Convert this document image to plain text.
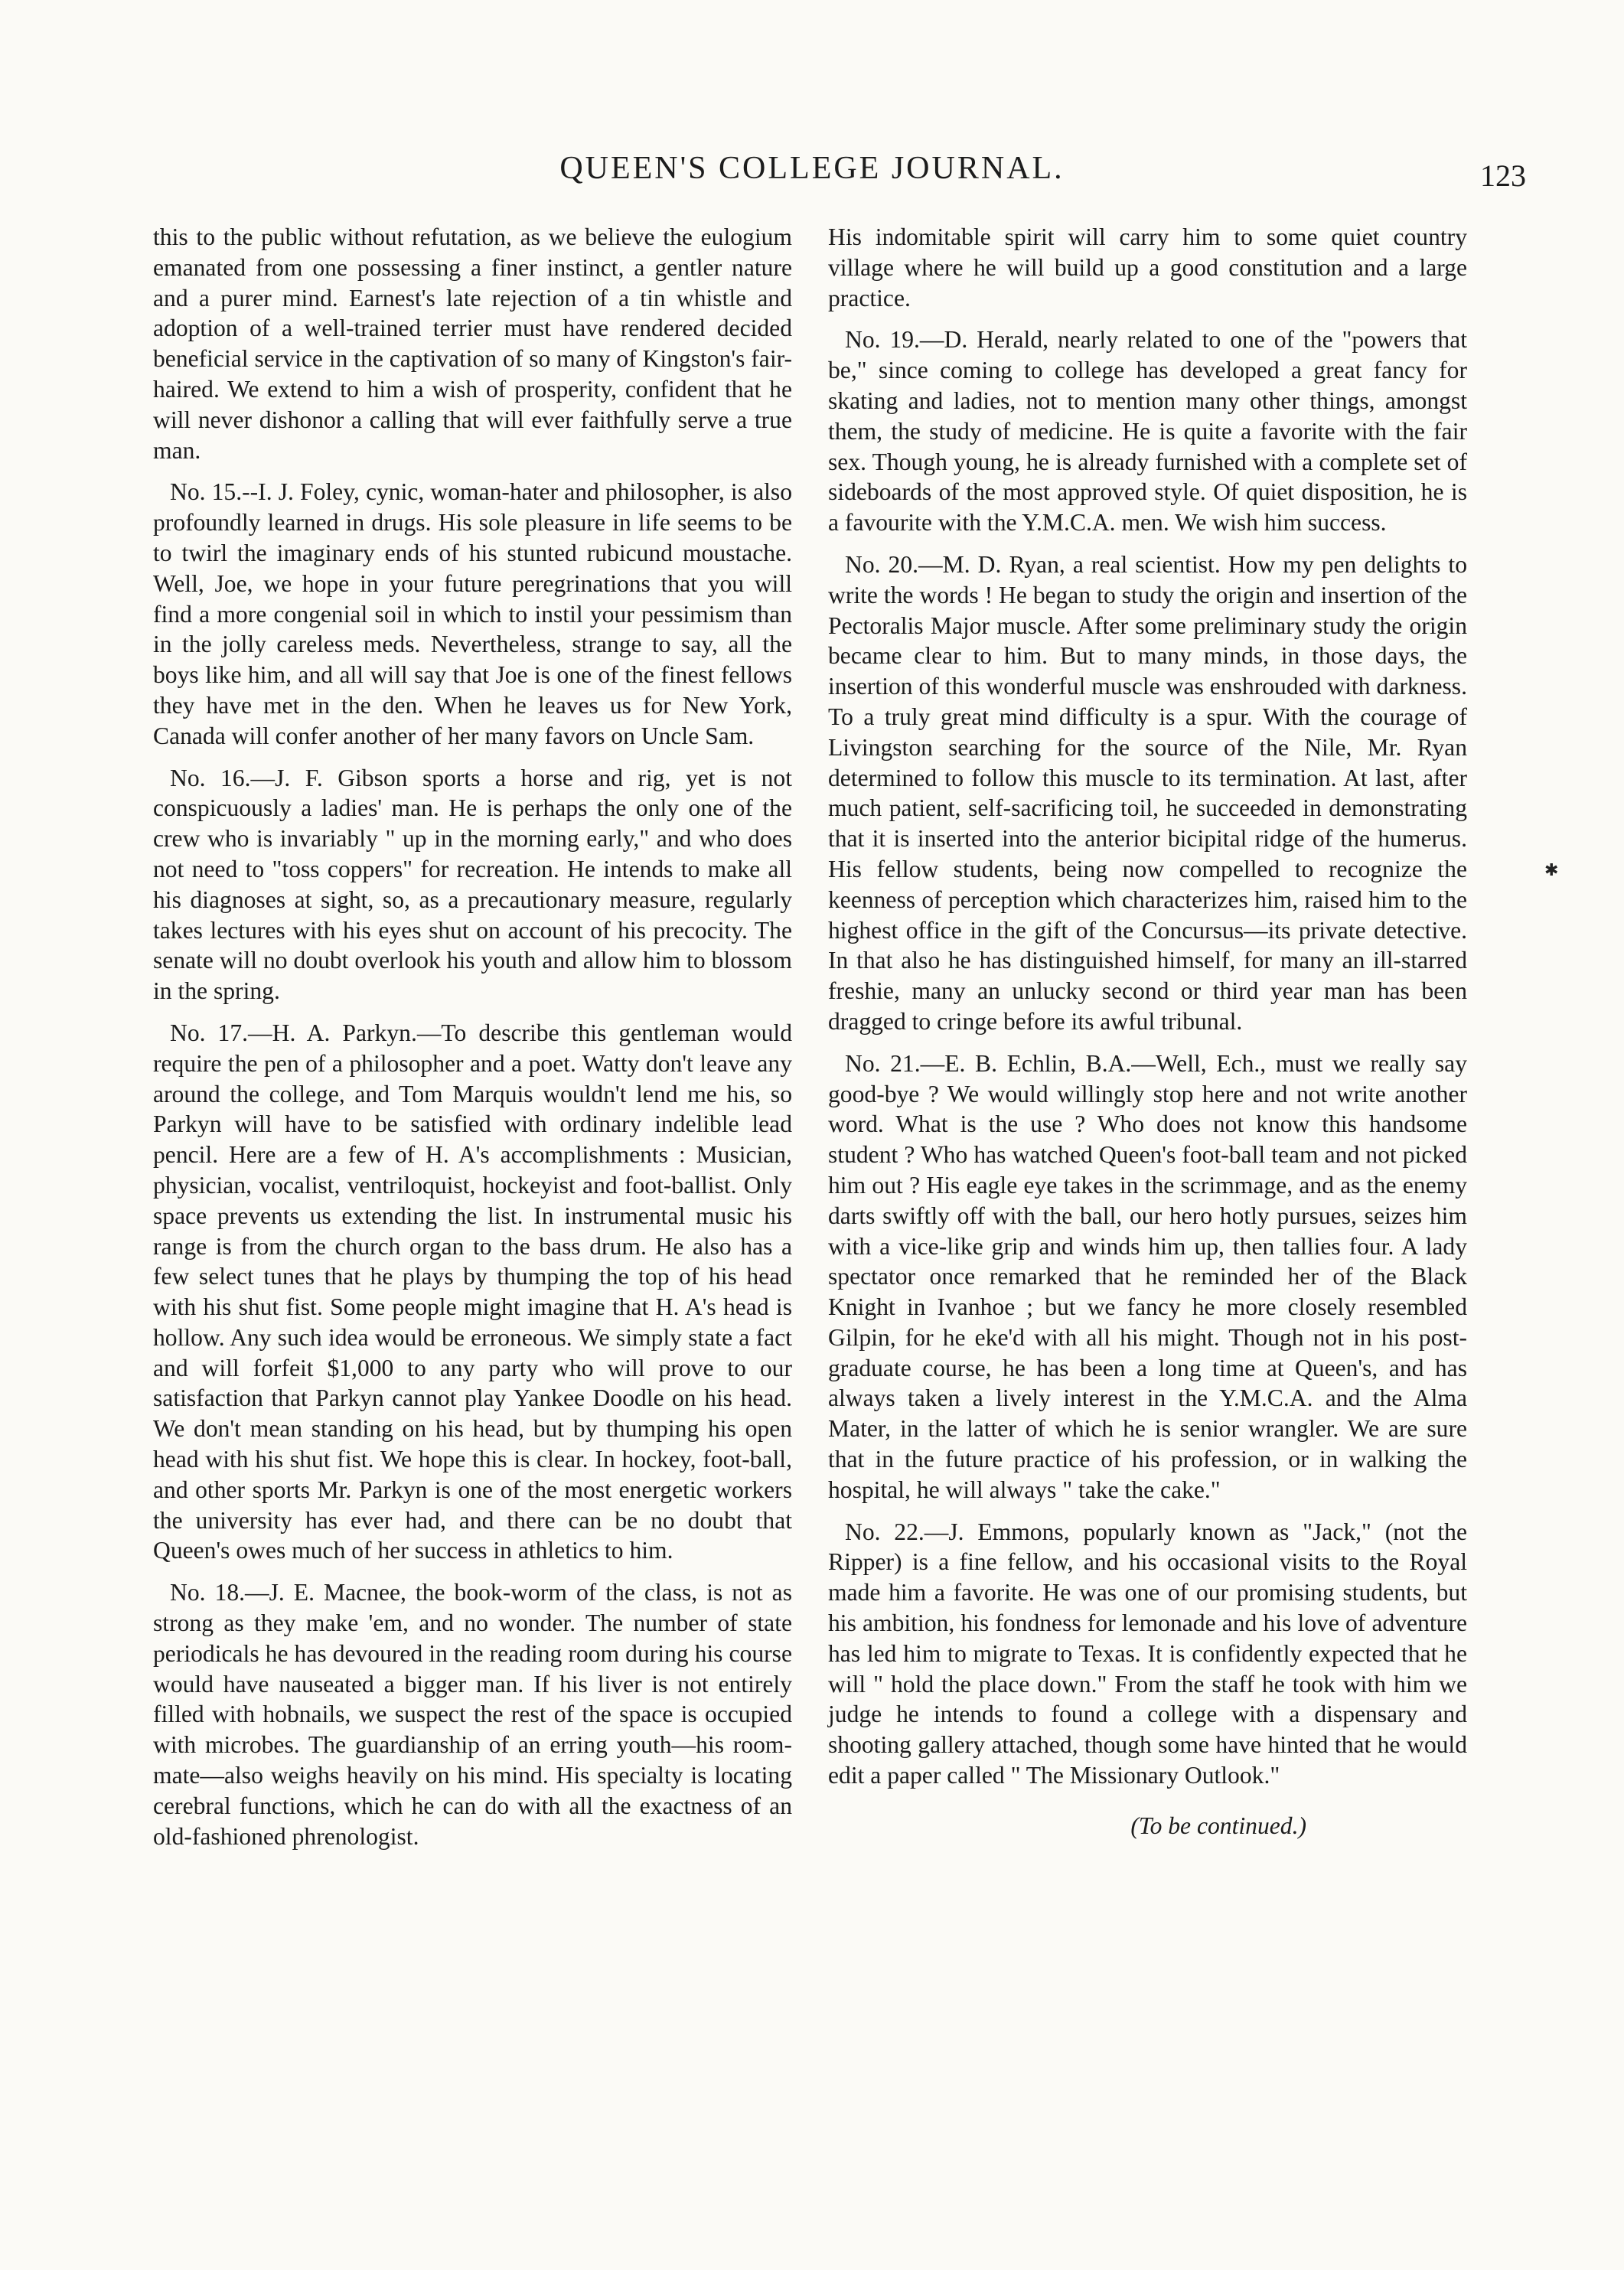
QUEEN'S COLLEGE JOURNAL.	123

this to the public without refutation, as we believe the eulogium emanated from one possessing a finer instinct, a gentler nature and a purer mind. Earnest's late rejection of a tin whistle and adoption of a well-trained terrier must have rendered decided beneficial service in the captivation of so many of Kingston's fair-haired. We extend to him a wish of prosperity, confident that he will never dishonor a calling that will ever faithfully serve a true man.

No. 15.--I. J. Foley, cynic, woman-hater and philosopher, is also profoundly learned in drugs. His sole pleasure in life seems to be to twirl the imaginary ends of his stunted rubicund moustache. Well, Joe, we hope in your future peregrinations that you will find a more congenial soil in which to instil your pessimism than in the jolly careless meds. Nevertheless, strange to say, all the boys like him, and all will say that Joe is one of the finest fellows they have met in the den. When he leaves us for New York, Canada will confer another of her many favors on Uncle Sam.

No. 16.—J. F. Gibson sports a horse and rig, yet is not conspicuously a ladies' man. He is perhaps the only one of the crew who is invariably " up in the morning early," and who does not need to "toss coppers" for recreation. He intends to make all his diagnoses at sight, so, as a precautionary measure, regularly takes lectures with his eyes shut on account of his precocity. The senate will no doubt overlook his youth and allow him to blossom in the spring.

No. 17.—H. A. Parkyn.—To describe this gentleman would require the pen of a philosopher and a poet. Watty don't leave any around the college, and Tom Marquis wouldn't lend me his, so Parkyn will have to be satisfied with ordinary indelible lead pencil. Here are a few of H. A's accomplishments : Musician, physician, vocalist, ventriloquist, hockeyist and foot-ballist. Only space prevents us extending the list. In instrumental music his range is from the church organ to the bass drum. He also has a few select tunes that he plays by thumping the top of his head with his shut fist. Some people might imagine that H. A's head is hollow. Any such idea would be erroneous. We simply state a fact and will forfeit $1,000 to any party who will prove to our satisfaction that Parkyn cannot play Yankee Doodle on his head. We don't mean standing on his head, but by thumping his open head with his shut fist. We hope this is clear. In hockey, foot-ball, and other sports Mr. Parkyn is one of the most energetic workers the university has ever had, and there can be no doubt that Queen's owes much of her success in athletics to him.

No. 18.—J. E. Macnee, the book-worm of the class, is not as strong as they make 'em, and no wonder. The number of state periodicals he has devoured in the reading room during his course would have nauseated a bigger man. If his liver is not entirely filled with hobnails, we suspect the rest of the space is occupied with microbes. The guardianship of an erring youth—his room-mate—also weighs heavily on his mind. His specialty is locating cerebral functions, which he can do with all the exactness of an old-fashioned phrenologist.

His indomitable spirit will carry him to some quiet country village where he will build up a good constitution and a large practice.

No. 19.—D. Herald, nearly related to one of the "powers that be," since coming to college has developed a great fancy for skating and ladies, not to mention many other things, amongst them, the study of medicine. He is quite a favorite with the fair sex. Though young, he is already furnished with a complete set of sideboards of the most approved style. Of quiet disposition, he is a favourite with the Y.M.C.A. men. We wish him success.

No. 20.—M. D. Ryan, a real scientist. How my pen delights to write the words ! He began to study the origin and insertion of the Pectoralis Major muscle. After some preliminary study the origin became clear to him. But to many minds, in those days, the insertion of this wonderful muscle was enshrouded with darkness. To a truly great mind difficulty is a spur. With the courage of Livingston searching for the source of the Nile, Mr. Ryan determined to follow this muscle to its termination. At last, after much patient, self-sacrificing toil, he succeeded in demonstrating that it is inserted into the anterior bicipital ridge of the humerus. His fellow students, being now compelled to recognize the keenness of perception which characterizes him, raised him to the highest office in the gift of the Concursus—its private detective. In that also he has distinguished himself, for many an ill-starred freshie, many an unlucky second or third year man has been dragged to cringe before its awful tribunal.

No. 21.—E. B. Echlin, B.A.—Well, Ech., must we really say good-bye ? We would willingly stop here and not write another word. What is the use ? Who does not know this handsome student ? Who has watched Queen's foot-ball team and not picked him out ? His eagle eye takes in the scrimmage, and as the enemy darts swiftly off with the ball, our hero hotly pursues, seizes him with a vice-like grip and winds him up, then tallies four. A lady spectator once remarked that he reminded her of the Black Knight in Ivanhoe ; but we fancy he more closely resembled Gilpin, for he eke'd with all his might. Though not in his post-graduate course, he has been a long time at Queen's, and has always taken a lively interest in the Y.M.C.A. and the Alma Mater, in the latter of which he is senior wrangler. We are sure that in the future practice of his profession, or in walking the hospital, he will always " take the cake."

No. 22.—J. Emmons, popularly known as "Jack," (not the Ripper) is a fine fellow, and his occasional visits to the Royal made him a favorite. He was one of our promising students, but his ambition, his fondness for lemonade and his love of adventure has led him to migrate to Texas. It is confidently expected that he will " hold the place down." From the staff he took with him we judge he intends to found a college with a dispensary and shooting gallery attached, though some have hinted that he would edit a paper called " The Missionary Outlook."

(To be continued.)
✱
